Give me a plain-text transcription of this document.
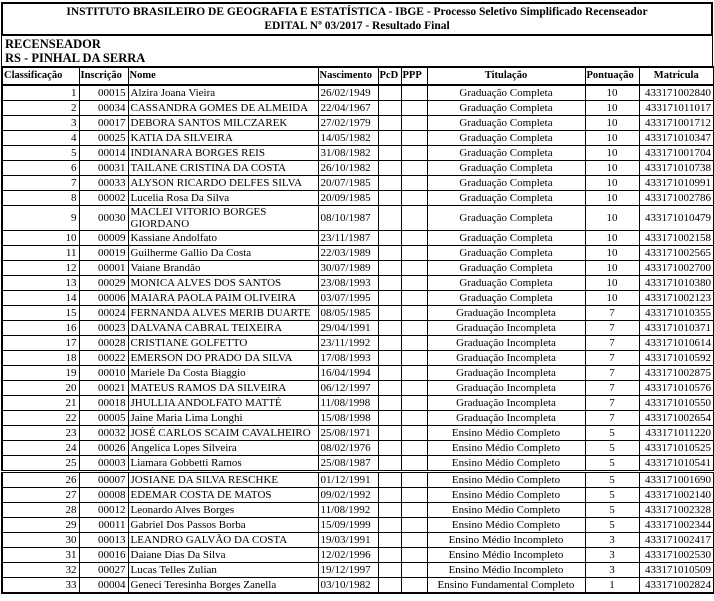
INSTITUTO BRASILEIRO DE GEOGRAFIA E ESTATÍSTICA - IBGE - Processo Seletivo Simplificado Recenseador
EDITAL Nº 03/2017 - Resultado Final
RECENSEADOR
RS - PINHAL DA SERRA
Classificação	Inscrição	Nome	Nascimento	PcD	PPP	Titulação	Pontuação	Matrícula
1	00015	Alzira Joana Vieira	26/02/1949			Graduação Completa	10	433171002840
2	00034	CASSANDRA GOMES DE ALMEIDA	22/04/1967			Graduação Completa	10	433171011017
3	00017	DEBORA SANTOS MILCZAREK	27/02/1979			Graduação Completa	10	433171001712
4	00025	KATIA DA SILVEIRA	14/05/1982			Graduação Completa	10	433171010347
5	00014	INDIANARA BORGES REIS	31/08/1982			Graduação Completa	10	433171001704
6	00031	TAILANE CRISTINA DA COSTA	26/10/1982			Graduação Completa	10	433171010738
7	00033	ALYSON RICARDO DELFES SILVA	20/07/1985			Graduação Completa	10	433171010991
8	00002	Lucelia Rosa Da Silva	20/09/1985			Graduação Completa	10	433171002786
9	00030	MACLEI VITORIO BORGES GIORDANO	08/10/1987			Graduação Completa	10	433171010479
10	00009	Kassiane Andolfato	23/11/1987			Graduação Completa	10	433171002158
11	00019	Guilherme Gallio Da Costa	22/03/1989			Graduação Completa	10	433171002565
12	00001	Vaiane Brandão	30/07/1989			Graduação Completa	10	433171002700
13	00029	MONICA ALVES DOS SANTOS	23/08/1993			Graduação Completa	10	433171010380
14	00006	MAIARA PAOLA PAIM OLIVEIRA	03/07/1995			Graduação Completa	10	433171002123
15	00024	FERNANDA ALVES MERIB DUARTE	08/05/1985			Graduação Incompleta	7	433171010355
16	00023	DALVANA CABRAL TEIXEIRA	29/04/1991			Graduação Incompleta	7	433171010371
17	00028	CRISTIANE GOLFETTO	23/11/1992			Graduação Incompleta	7	433171010614
18	00022	EMERSON DO PRADO DA SILVA	17/08/1993			Graduação Incompleta	7	433171010592
19	00010	Mariele Da Costa Biaggio	16/04/1994			Graduação Incompleta	7	433171002875
20	00021	MATEUS RAMOS DA SILVEIRA	06/12/1997			Graduação Incompleta	7	433171010576
21	00018	JHULLIA ANDOLFATO MATTÉ	11/08/1998			Graduação Incompleta	7	433171010550
22	00005	Jaine Maria Lima Longhi	15/08/1998			Graduação Incompleta	7	433171002654
23	00032	JOSÉ CARLOS SCAIM CAVALHEIRO	25/08/1971			Ensino Médio Completo	5	433171011220
24	00026	Angelica Lopes Silveira	08/02/1976			Ensino Médio Completo	5	433171010525
25	00003	Liamara Gobbetti Ramos	25/08/1987			Ensino Médio Completo	5	433171010541
26	00007	JOSIANE DA SILVA RESCHKE	01/12/1991			Ensino Médio Completo	5	433171001690
27	00008	EDEMAR COSTA DE MATOS	09/02/1992			Ensino Médio Completo	5	433171002140
28	00012	Leonardo Alves Borges	11/08/1992			Ensino Médio Completo	5	433171002328
29	00011	Gabriel Dos Passos Borba	15/09/1999			Ensino Médio Completo	5	433171002344
30	00013	LEANDRO GALVÃO DA COSTA	19/03/1991			Ensino Médio Incompleto	3	433171002417
31	00016	Daiane Dias Da Silva	12/02/1996			Ensino Médio Incompleto	3	433171002530
32	00027	Lucas Telles Zulian	19/12/1997			Ensino Médio Incompleto	3	433171010509
33	00004	Geneci Teresinha Borges Zanella	03/10/1982			Ensino Fundamental Completo	1	433171002824
